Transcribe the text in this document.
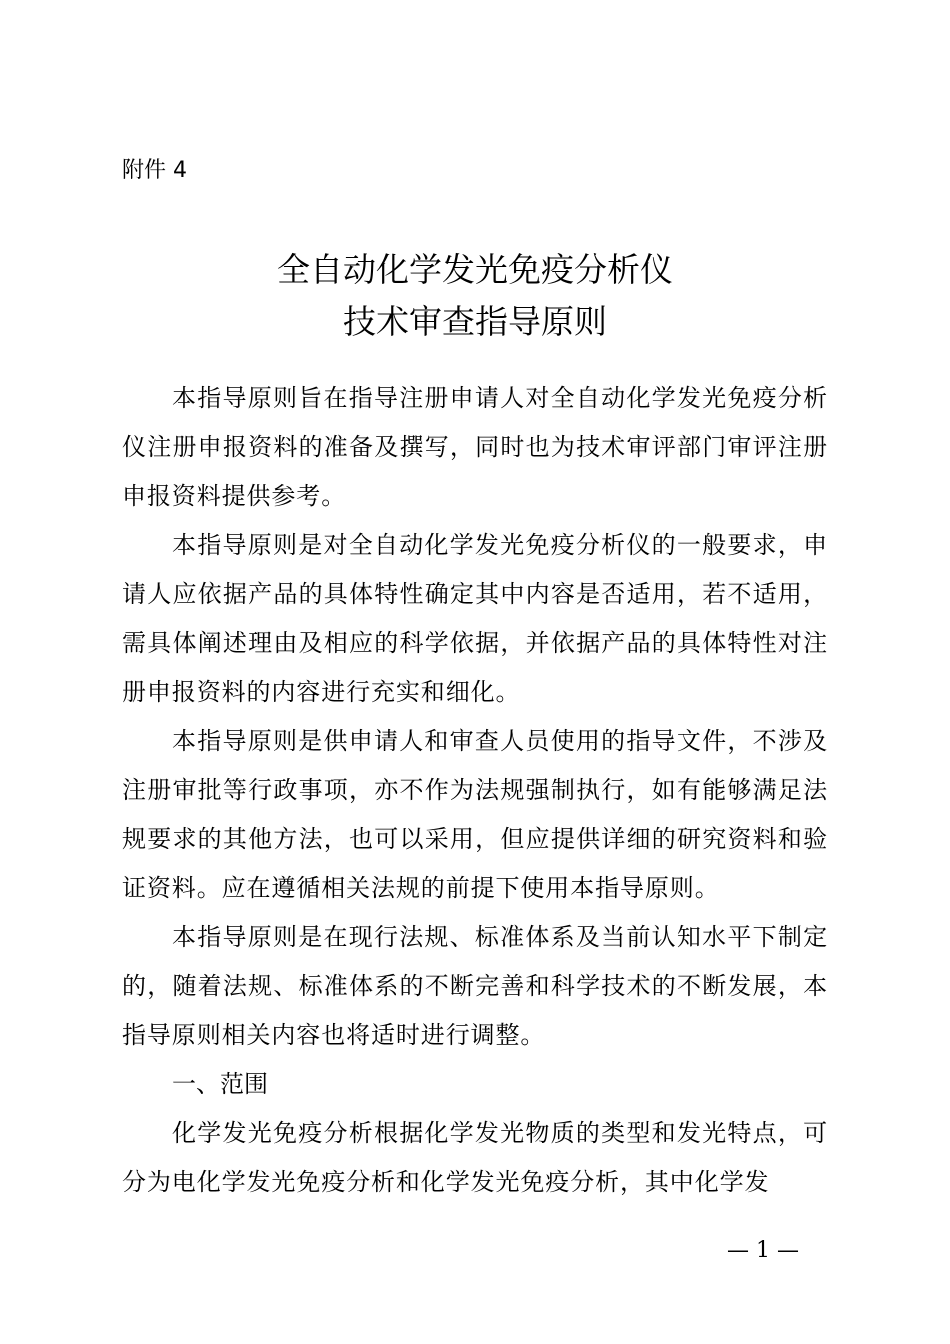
附件 4
全自动化学发光免疫分析仪
技术审查指导原则

本指导原则旨在指导注册申请人对全自动化学发光免疫分析仪注册申报资料的准备及撰写，同时也为技术审评部门审评注册申报资料提供参考。

本指导原则是对全自动化学发光免疫分析仪的一般要求，申请人应依据产品的具体特性确定其中内容是否适用，若不适用，需具体阐述理由及相应的科学依据，并依据产品的具体特性对注册申报资料的内容进行充实和细化。

本指导原则是供申请人和审查人员使用的指导文件，不涉及注册审批等行政事项，亦不作为法规强制执行，如有能够满足法规要求的其他方法，也可以采用，但应提供详细的研究资料和验证资料。应在遵循相关法规的前提下使用本指导原则。

本指导原则是在现行法规、标准体系及当前认知水平下制定的，随着法规、标准体系的不断完善和科学技术的不断发展，本指导原则相关内容也将适时进行调整。

一、范围

化学发光免疫分析根据化学发光物质的类型和发光特点，可分为电化学发光免疫分析和化学发光免疫分析，其中化学发

— 1 —
